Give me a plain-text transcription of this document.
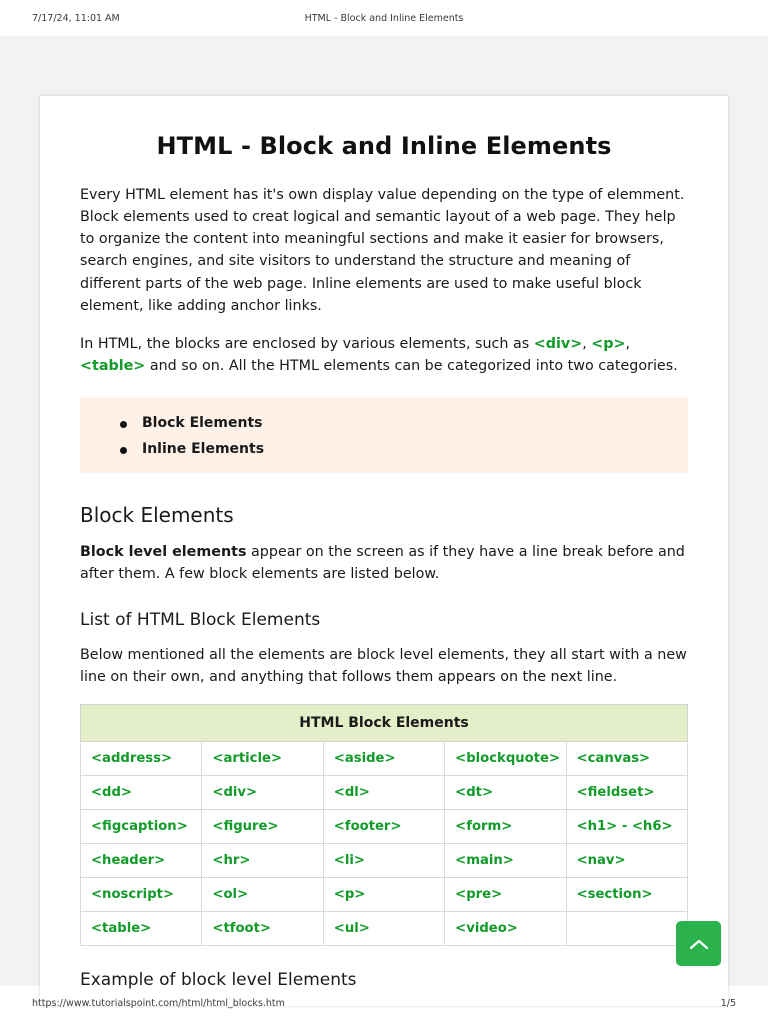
7/17/24, 11:01 AM	HTML - Block and Inline Elements
HTML - Block and Inline Elements

Every HTML element has it's own display value depending on the type of elemment. Block elements used to creat logical and semantic layout of a web page. They help to organize the content into meaningful sections and make it easier for browsers, search engines, and site visitors to understand the structure and meaning of different parts of the web page. Inline elements are used to make useful block element, like adding anchor links.

In HTML, the blocks are enclosed by various elements, such as <div>, <p>, <table> and so on. All the HTML elements can be categorized into two categories.

Block Elements
Inline Elements
Block Elements

Block level elements appear on the screen as if they have a line break before and after them. A few block elements are listed below.

List of HTML Block Elements

Below mentioned all the elements are block level elements, they all start with a new line on their own, and anything that follows them appears on the next line.

HTML Block Elements				
<address>	<article>	<aside>	<blockquote>	<canvas>
<dd>	<div>	<dl>	<dt>	<fieldset>
<figcaption>	<figure>	<footer>	<form>	<h1> - <h6>
<header>	<hr>	<li>	<main>	<nav>
<noscript>	<ol>	<p>	<pre>	<section>
<table>	<tfoot>	<ul>	<video>	
Example of block level Elements
https://www.tutorialspoint.com/html/html_blocks.htm	1/5
